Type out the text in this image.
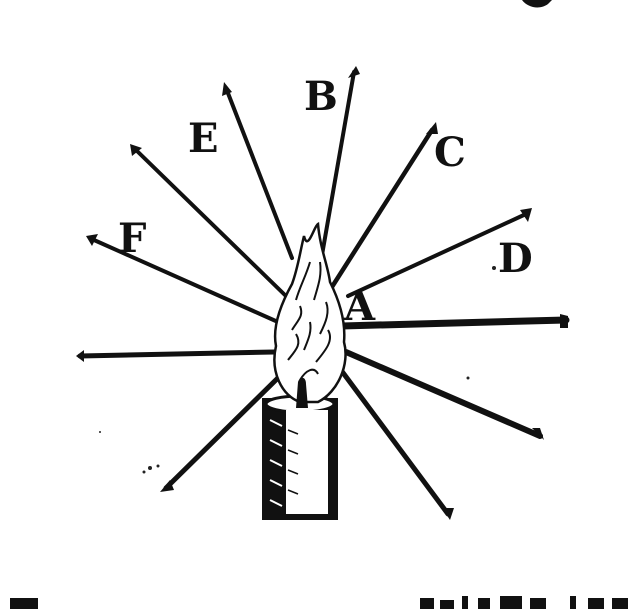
B
E	C
F	D
A
